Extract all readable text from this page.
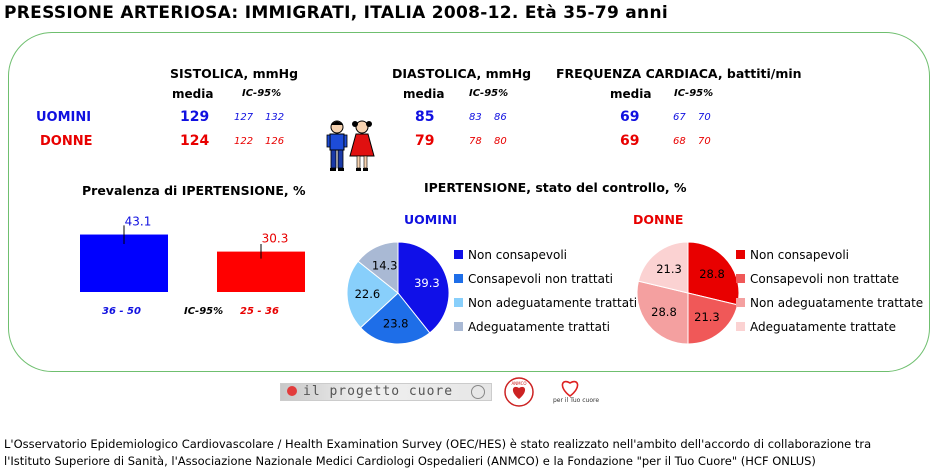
PRESSIONE ARTERIOSA: IMMIGRATI, ITALIA 2008-12. Età 35-79 anni
SISTOLICA, mmHg	DIASTOLICA, mmHg FREQUENZA CARDIACA, battiti/min
media	IC-95%	media IC-95%	media IC-95%
UOMINI	129 127 132	85	83 86	69	67 70
DONNE	124 122 126	79	78 80	69	68 70
Prevalenza di IPERTENSIONE, %
43.1
30.3
36 - 50	IC-95% 25 - 36
IPERTENSIONE, stato del controllo, %
UOMINI	DONNE
39.3
23.8
22.6
14.3
28.8
21.3
28.8
21.3
Non consapevoli
Consapevoli non trattati
Non adeguatamente trattati
Adeguatamente trattati
Non consapevoli
Consapevoli non trattate
Non adeguatamente trattate
Adeguatamente trattate
il progetto cuore
ANMCO
per il Tuo cuore
L'Osservatorio Epidemiologico Cardiovascolare / Health Examination Survey (OEC/HES) è stato realizzato nell'ambito dell'accordo di collaborazione tra
l'Istituto Superiore di Sanità, l'Associazione Nazionale Medici Cardiologi Ospedalieri (ANMCO) e la Fondazione "per il Tuo Cuore" (HCF ONLUS)
